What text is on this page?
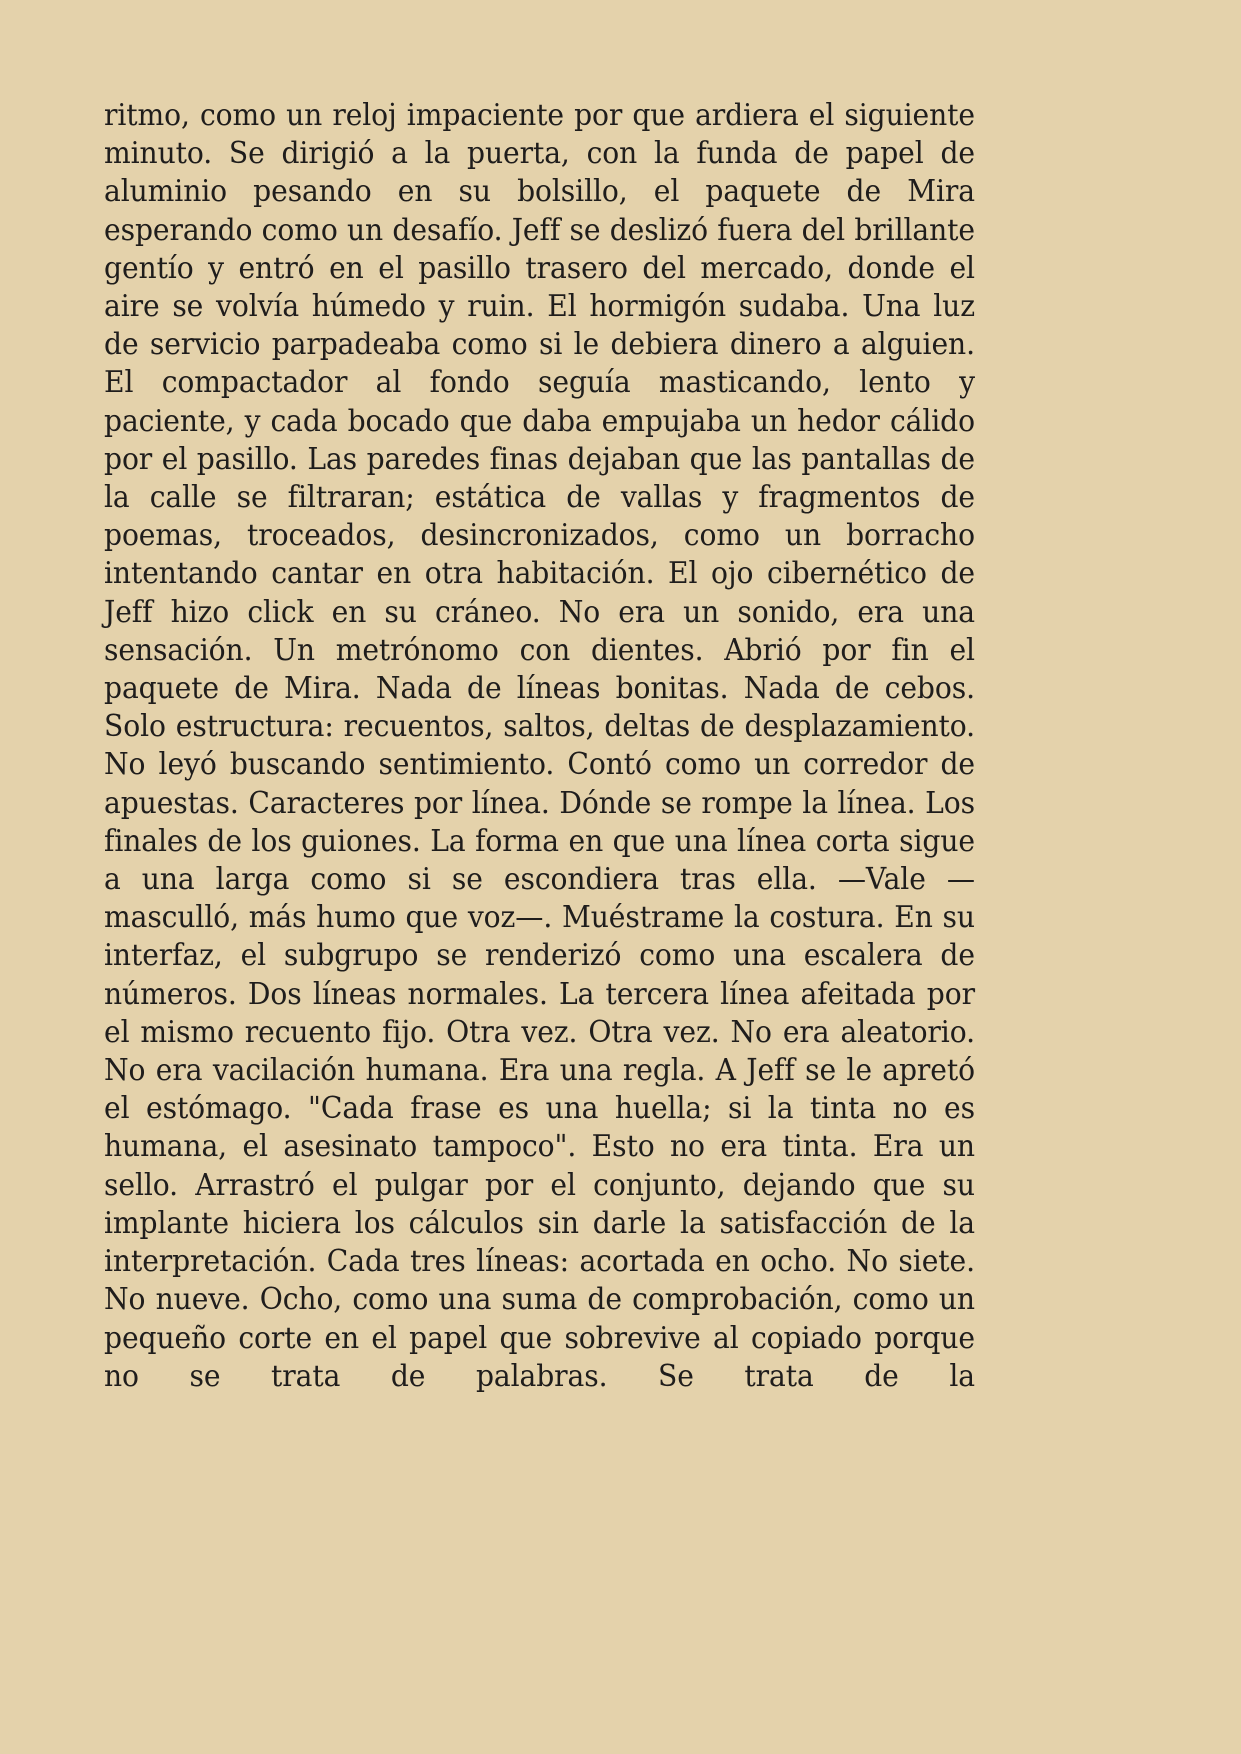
ritmo, como un reloj impaciente por que ardiera el siguiente minuto. Se dirigió a la puerta, con la funda de papel de aluminio pesando en su bolsillo, el paquete de Mira esperando como un desafío. Jeff se deslizó fuera del brillante gentío y entró en el pasillo trasero del mercado, donde el aire se volvía húmedo y ruin. El hormigón sudaba. Una luz de servicio parpadeaba como si le debiera dinero a alguien. El compactador al fondo seguía masticando, lento y paciente, y cada bocado que daba empujaba un hedor cálido por el pasillo. Las paredes finas dejaban que las pantallas de la calle se filtraran; estática de vallas y fragmentos de poemas, troceados, desincronizados, como un borracho intentando cantar en otra habitación. El ojo cibernético de Jeff hizo click en su cráneo. No era un sonido, era una sensación. Un metrónomo con dientes. Abrió por fin el paquete de Mira. Nada de líneas bonitas. Nada de cebos. Solo estructura: recuentos, saltos, deltas de desplazamiento. No leyó buscando sentimiento. Contó como un corredor de apuestas. Caracteres por línea. Dónde se rompe la línea. Los finales de los guiones. La forma en que una línea corta sigue a una larga como si se escondiera tras ella. —Vale —masculló, más humo que voz—. Muéstrame la costura. En su interfaz, el subgrupo se renderizó como una escalera de números. Dos líneas normales. La tercera línea afeitada por el mismo recuento fijo. Otra vez. Otra vez. No era aleatorio. No era vacilación humana. Era una regla. A Jeff se le apretó el estómago. "Cada frase es una huella; si la tinta no es humana, el asesinato tampoco". Esto no era tinta. Era un sello. Arrastró el pulgar por el conjunto, dejando que su implante hiciera los cálculos sin darle la satisfacción de la interpretación. Cada tres líneas: acortada en ocho. No siete. No nueve. Ocho, como una suma de comprobación, como un pequeño corte en el papel que sobrevive al copiado porque no se trata de palabras. Se trata de la
